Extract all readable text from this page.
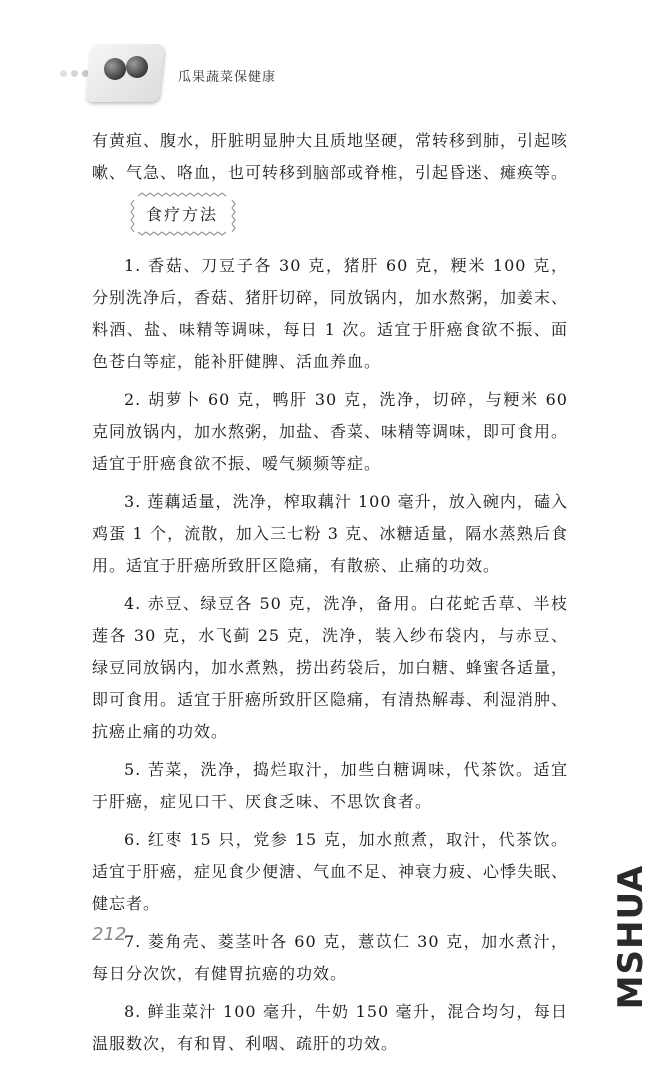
瓜果蔬菜保健康

有黄疸、腹水，肝脏明显肿大且质地坚硬，常转移到肺，引起咳嗽、气急、咯血，也可转移到脑部或脊椎，引起昏迷、瘫痪等。

食疗方法

1. 香菇、刀豆子各 30 克，猪肝 60 克，粳米 100 克，分别洗净后，香菇、猪肝切碎，同放锅内，加水熬粥，加姜末、料酒、盐、味精等调味，每日 1 次。适宜于肝癌食欲不振、面色苍白等症，能补肝健脾、活血养血。

2. 胡萝卜 60 克，鸭肝 30 克，洗净，切碎，与粳米 60 克同放锅内，加水熬粥，加盐、香菜、味精等调味，即可食用。适宜于肝癌食欲不振、嗳气频频等症。

3. 莲藕适量，洗净，榨取藕汁 100 毫升，放入碗内，磕入鸡蛋 1 个，流散，加入三七粉 3 克、冰糖适量，隔水蒸熟后食用。适宜于肝癌所致肝区隐痛，有散瘀、止痛的功效。

4. 赤豆、绿豆各 50 克，洗净，备用。白花蛇舌草、半枝莲各 30 克，水飞蓟 25 克，洗净，装入纱布袋内，与赤豆、绿豆同放锅内，加水煮熟，捞出药袋后，加白糖、蜂蜜各适量，即可食用。适宜于肝癌所致肝区隐痛，有清热解毒、利湿消肿、抗癌止痛的功效。

5. 苦菜，洗净，捣烂取汁，加些白糖调味，代茶饮。适宜于肝癌，症见口干、厌食乏味、不思饮食者。

6. 红枣 15 只，党参 15 克，加水煎煮，取汁，代茶饮。适宜于肝癌，症见食少便溏、气血不足、神衰力疲、心悸失眠、健忘者。

7. 菱角壳、菱茎叶各 60 克，薏苡仁 30 克，加水煮汁，每日分次饮，有健胃抗癌的功效。

8. 鲜韭菜汁 100 毫升，牛奶 150 毫升，混合均匀，每日温服数次，有和胃、利咽、疏肝的功效。

212	MSHUA
